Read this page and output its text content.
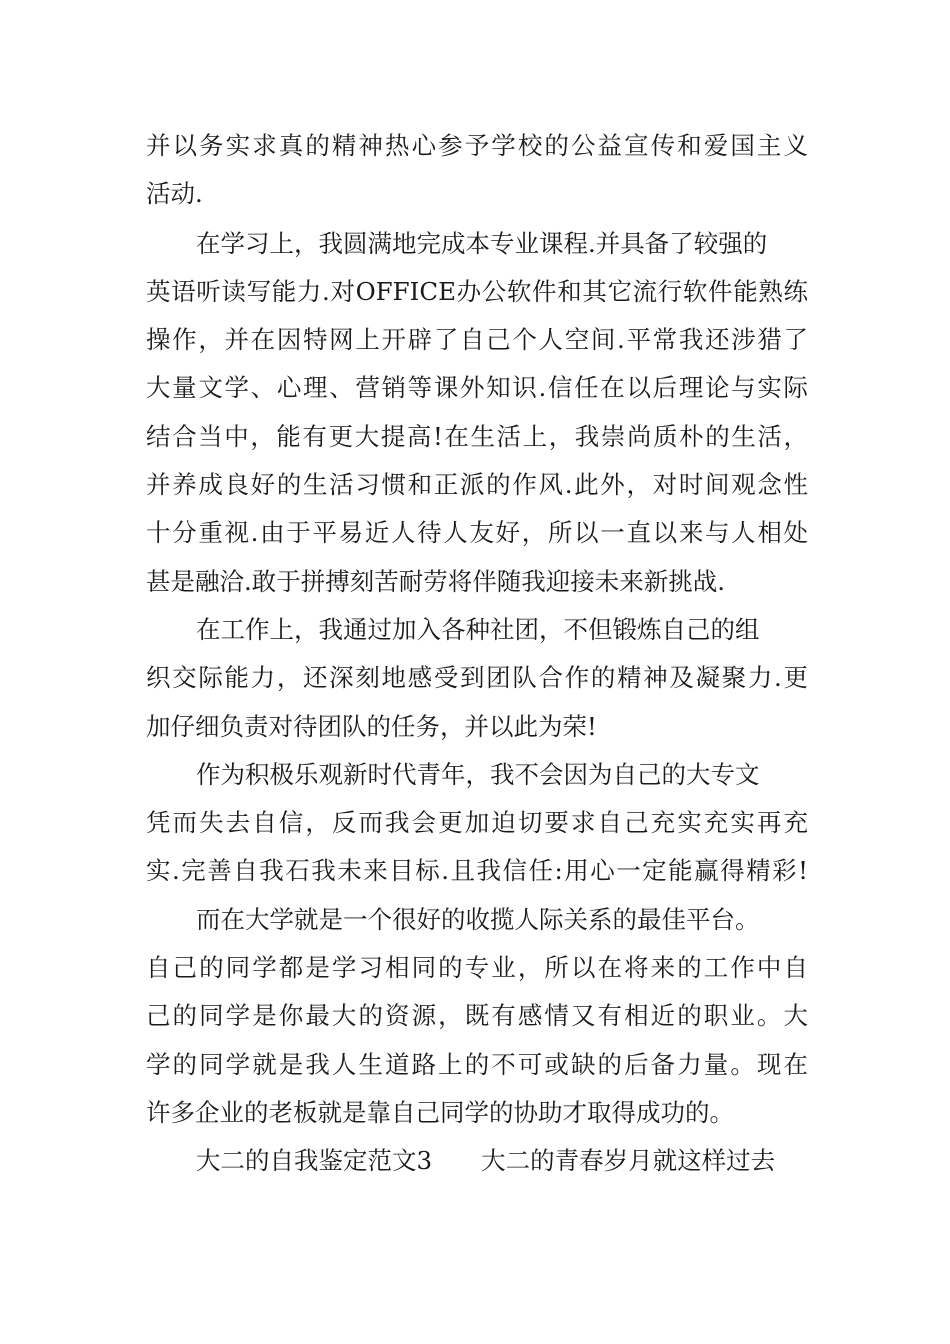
并以务实求真的精神热心参予学校的公益宣传和爱国主义
活动.

在学习上，我圆满地完成本专业课程.并具备了较强的
英语听读写能力.对OFFICE办公软件和其它流行软件能熟练
操作，并在因特网上开辟了自己个人空间.平常我还涉猎了
大量文学、心理、营销等课外知识.信任在以后理论与实际
结合当中，能有更大提高!在生活上，我崇尚质朴的生活，
并养成良好的生活习惯和正派的作风.此外，对时间观念性
十分重视.由于平易近人待人友好，所以一直以来与人相处
甚是融洽.敢于拼搏刻苦耐劳将伴随我迎接未来新挑战.

在工作上，我通过加入各种社团，不但锻炼自己的组
织交际能力，还深刻地感受到团队合作的精神及凝聚力.更
加仔细负责对待团队的任务，并以此为荣!

作为积极乐观新时代青年，我不会因为自己的大专文
凭而失去自信，反而我会更加迫切要求自己充实充实再充
实.完善自我石我未来目标.且我信任:用心一定能赢得精彩!

而在大学就是一个很好的收揽人际关系的最佳平台。
自己的同学都是学习相同的专业，所以在将来的工作中自
己的同学是你最大的资源，既有感情又有相近的职业。大
学的同学就是我人生道路上的不可或缺的后备力量。现在
许多企业的老板就是靠自己同学的协助才取得成功的。

大二的自我鉴定范文3　　大二的青春岁月就这样过去
